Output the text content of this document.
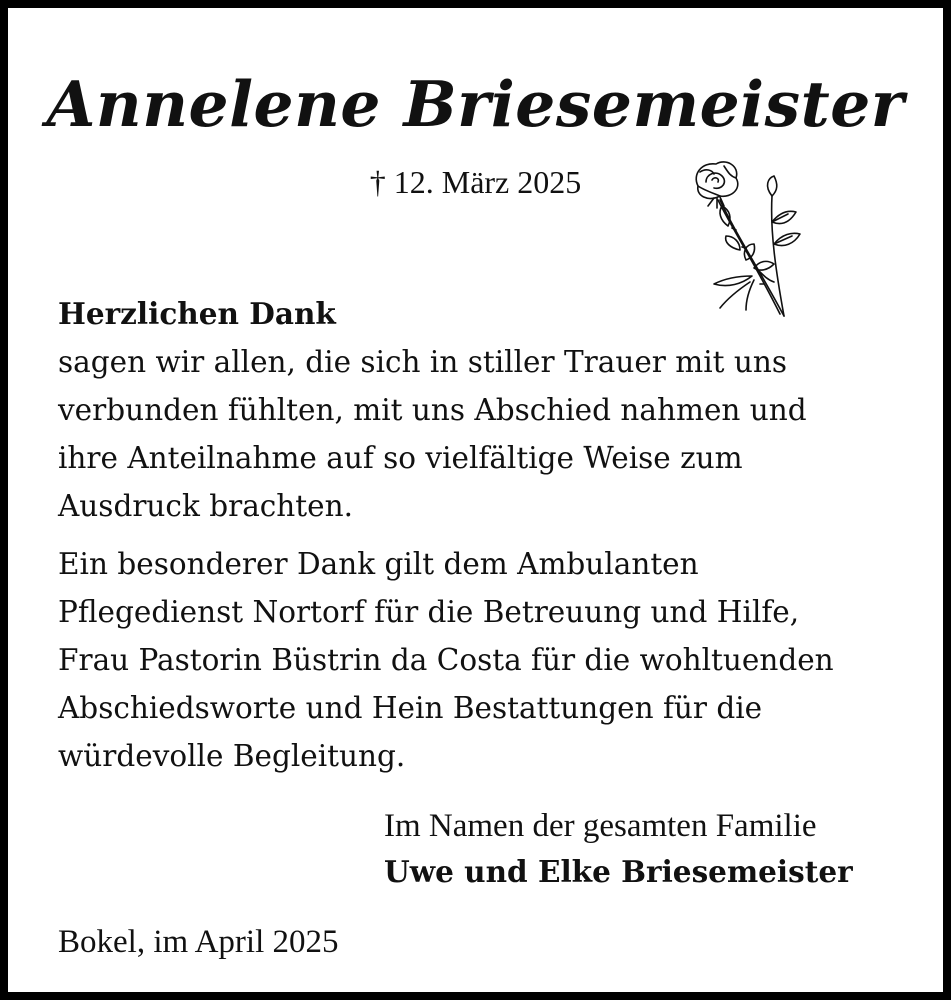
Annelene Briesemeister
† 12. März 2025
Herzlichen Dank
sagen wir allen, die sich in stiller Trauer mit uns
verbunden fühlten, mit uns Abschied nahmen und
ihre Anteilnahme auf so vielfältige Weise zum
Ausdruck brachten.
Ein besonderer Dank gilt dem Ambulanten
Pflegedienst Nortorf für die Betreuung und Hilfe,
Frau Pastorin Büstrin da Costa für die wohltuenden
Abschiedsworte und Hein Bestattungen für die
würdevolle Begleitung.
Im Namen der gesamten Familie
Uwe und Elke Briesemeister
Bokel, im April 2025
